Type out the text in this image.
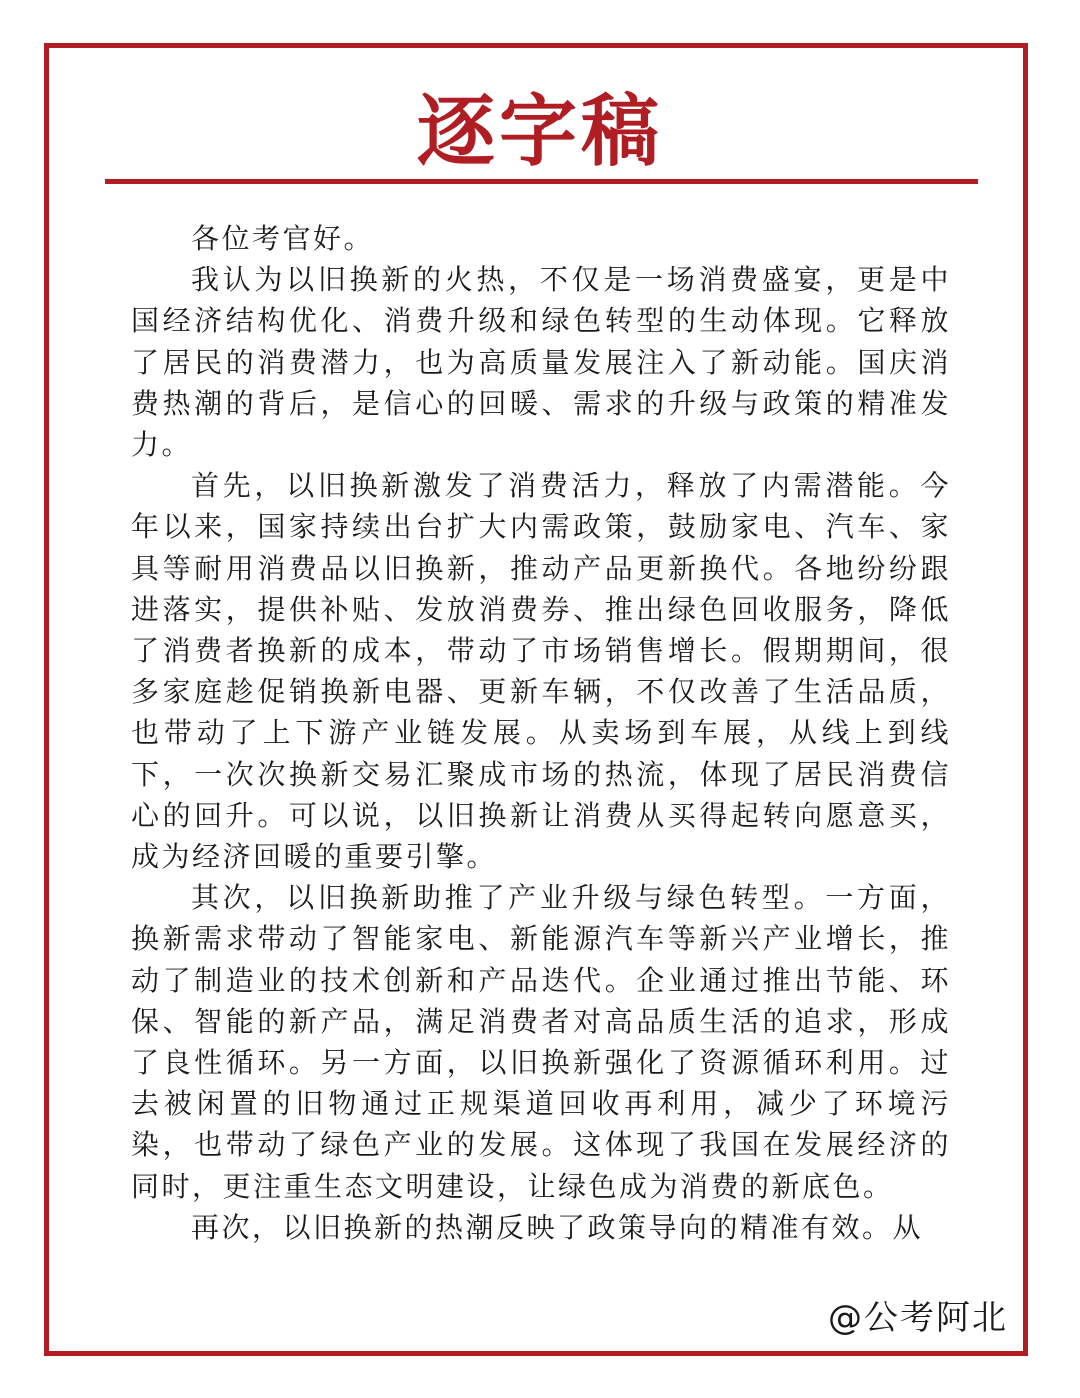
逐字稿

各位考官好。

我认为以旧换新的火热，不仅是一场消费盛宴，更是中国经济结构优化、消费升级和绿色转型的生动体现。它释放了居民的消费潜力，也为高质量发展注入了新动能。国庆消费热潮的背后，是信心的回暖、需求的升级与政策的精准发力。

首先，以旧换新激发了消费活力，释放了内需潜能。今年以来，国家持续出台扩大内需政策，鼓励家电、汽车、家具等耐用消费品以旧换新，推动产品更新换代。各地纷纷跟进落实，提供补贴、发放消费券、推出绿色回收服务，降低了消费者换新的成本，带动了市场销售增长。假期期间，很多家庭趁促销换新电器、更新车辆，不仅改善了生活品质，也带动了上下游产业链发展。从卖场到车展，从线上到线下，一次次换新交易汇聚成市场的热流，体现了居民消费信心的回升。可以说，以旧换新让消费从买得起转向愿意买，成为经济回暖的重要引擎。

其次，以旧换新助推了产业升级与绿色转型。一方面，换新需求带动了智能家电、新能源汽车等新兴产业增长，推动了制造业的技术创新和产品迭代。企业通过推出节能、环保、智能的新产品，满足消费者对高品质生活的追求，形成了良性循环。另一方面，以旧换新强化了资源循环利用。过去被闲置的旧物通过正规渠道回收再利用，减少了环境污染，也带动了绿色产业的发展。这体现了我国在发展经济的同时，更注重生态文明建设，让绿色成为消费的新底色。

再次，以旧换新的热潮反映了政策导向的精准有效。从

@公考阿北
